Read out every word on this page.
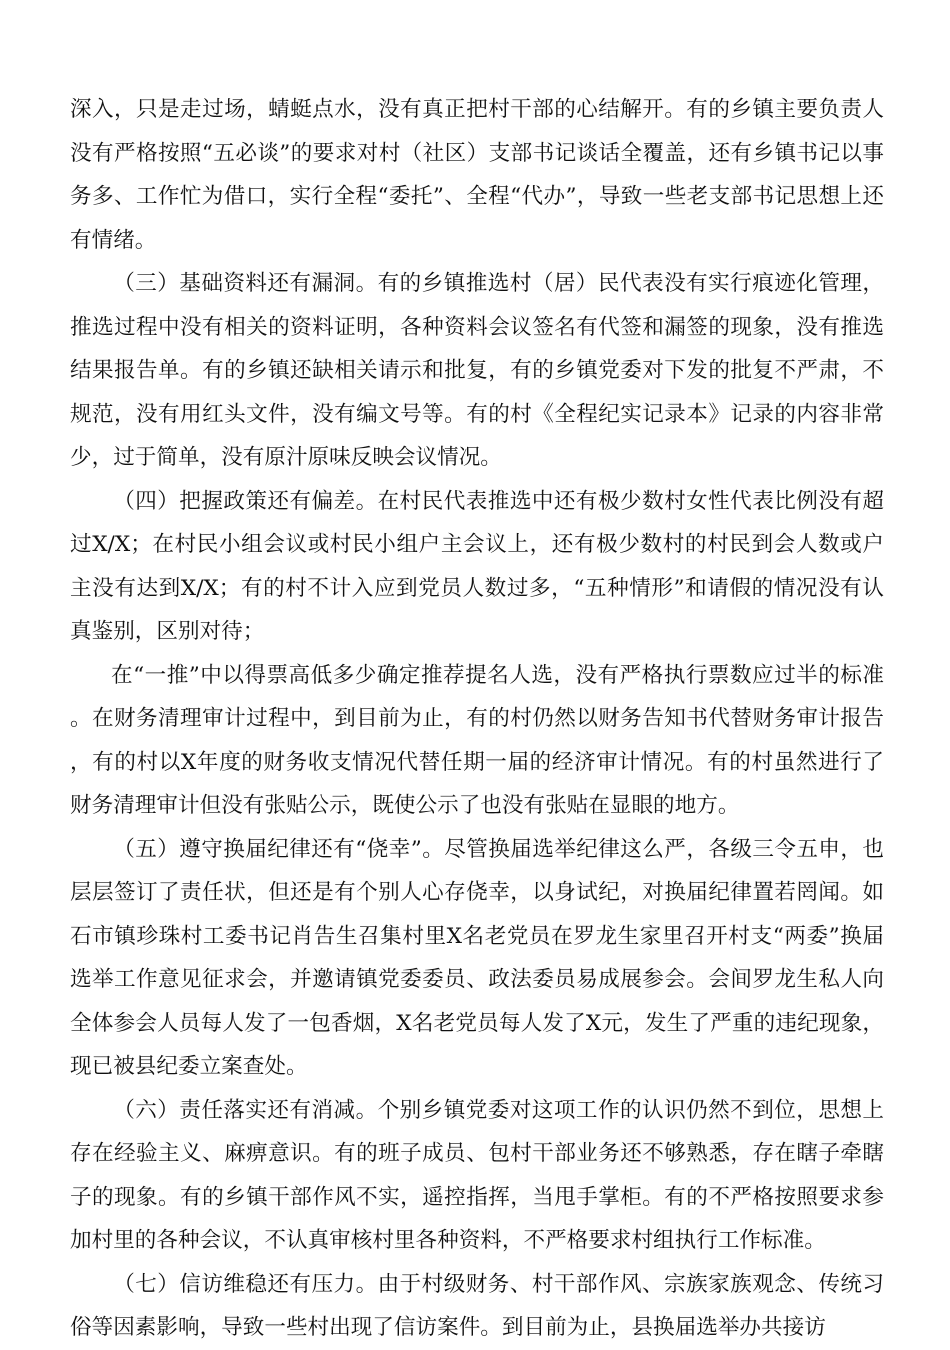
深入，只是走过场，蜻蜓点水，没有真正把村干部的心结解开。有的乡镇主要负责人没有严格按照“五必谈”的要求对村（社区）支部书记谈话全覆盖，还有乡镇书记以事务多、工作忙为借口，实行全程“委托”、全程“代办”，导致一些老支部书记思想上还有情绪。

（三）基础资料还有漏洞。有的乡镇推选村（居）民代表没有实行痕迹化管理，推选过程中没有相关的资料证明，各种资料会议签名有代签和漏签的现象，没有推选结果报告单。有的乡镇还缺相关请示和批复，有的乡镇党委对下发的批复不严肃，不规范，没有用红头文件，没有编文号等。有的村《全程纪实记录本》记录的内容非常少，过于简单，没有原汁原味反映会议情况。

（四）把握政策还有偏差。在村民代表推选中还有极少数村女性代表比例没有超过X/X；在村民小组会议或村民小组户主会议上，还有极少数村的村民到会人数或户主没有达到X/X；有的村不计入应到党员人数过多，“五种情形”和请假的情况没有认真鉴别，区别对待；

在“一推”中以得票高低多少确定推荐提名人选，没有严格执行票数应过半的标准。在财务清理审计过程中，到目前为止，有的村仍然以财务告知书代替财务审计报告，有的村以X年度的财务收支情况代替任期一届的经济审计情况。有的村虽然进行了财务清理审计但没有张贴公示，既使公示了也没有张贴在显眼的地方。

（五）遵守换届纪律还有“侥幸”。尽管换届选举纪律这么严，各级三令五申，也层层签订了责任状，但还是有个别人心存侥幸，以身试纪，对换届纪律置若罔闻。如石市镇珍珠村工委书记肖告生召集村里X名老党员在罗龙生家里召开村支“两委”换届选举工作意见征求会，并邀请镇党委委员、政法委员易成展参会。会间罗龙生私人向全体参会人员每人发了一包香烟，X名老党员每人发了X元，发生了严重的违纪现象，现已被县纪委立案查处。

（六）责任落实还有消减。个别乡镇党委对这项工作的认识仍然不到位，思想上存在经验主义、麻痹意识。有的班子成员、包村干部业务还不够熟悉，存在瞎子牵瞎子的现象。有的乡镇干部作风不实，遥控指挥，当甩手掌柜。有的不严格按照要求参加村里的各种会议，不认真审核村里各种资料，不严格要求村组执行工作标准。

（七）信访维稳还有压力。由于村级财务、村干部作风、宗族家族观念、传统习俗等因素影响，导致一些村出现了信访案件。到目前为止，县换届选举办共接访
